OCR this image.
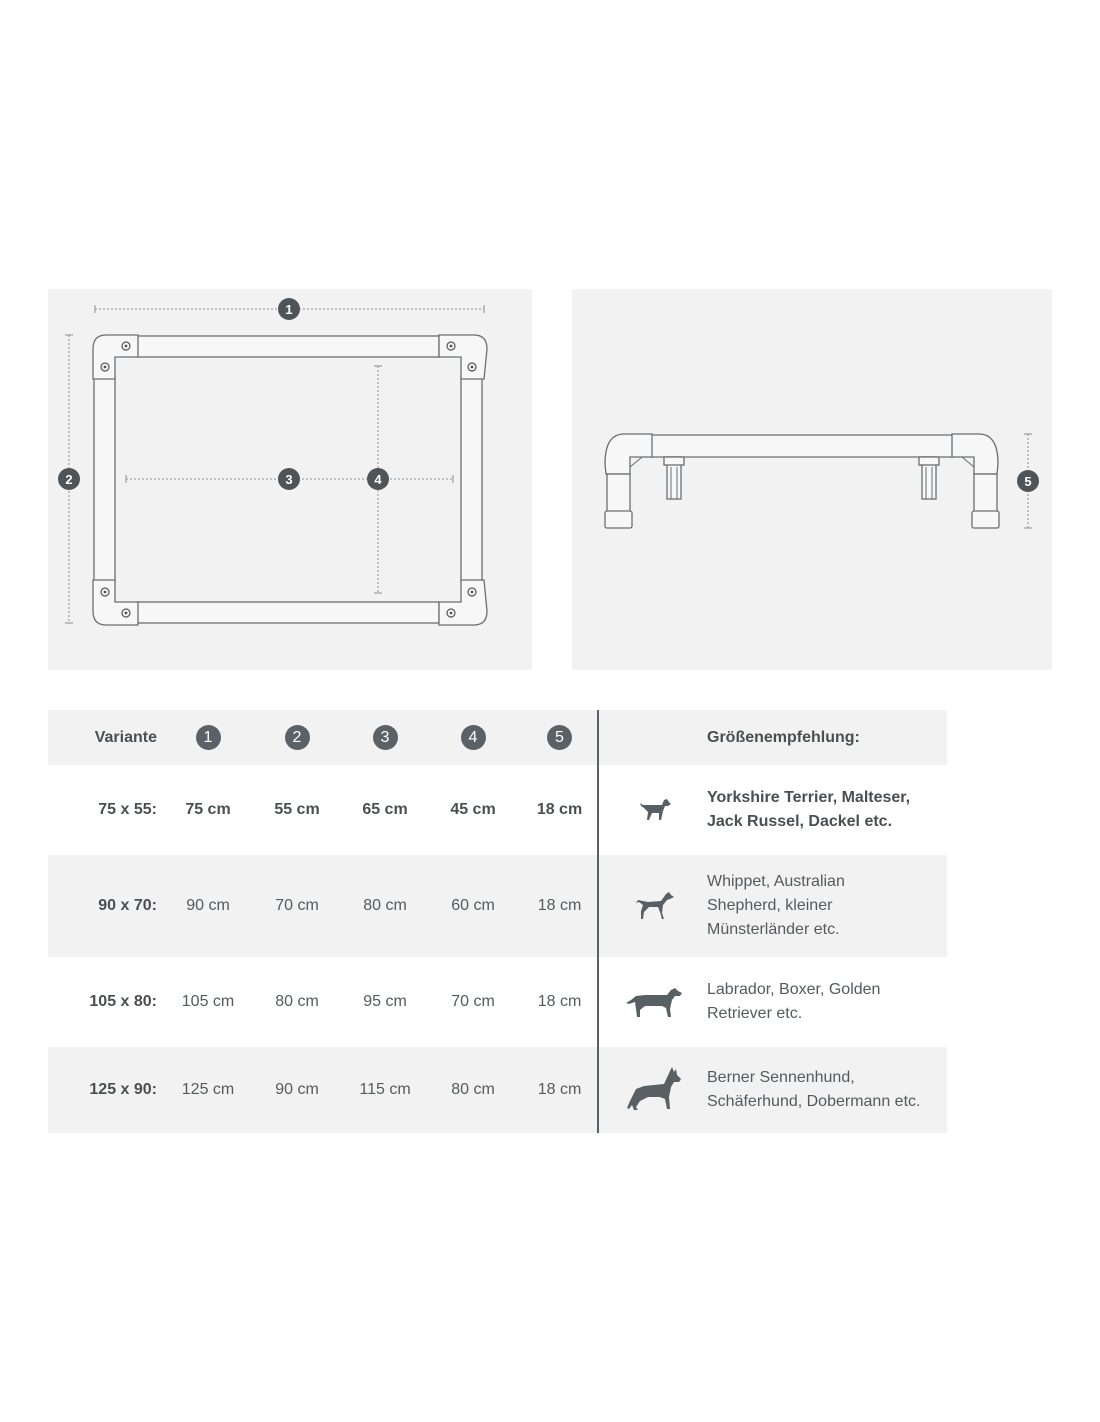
1
2	3	4	5
Variante	1	2	3	4	5			Größenempfehlung:
75 x 55:	75 cm	55 cm	65 cm	45 cm	18 cm			Yorkshire Terrier, Malteser,
Jack Russel, Dackel etc.

90 x 70:	90 cm	70 cm	80 cm	60 cm	18 cm			Whippet, Australian
Shepherd, kleiner
Münsterländer etc.

105 x 80:	105 cm	80 cm	95 cm	70 cm	18 cm			Labrador, Boxer, Golden
Retriever etc.

125 x 90:	125 cm	90 cm	115 cm	80 cm	18 cm			Berner Sennenhund,
Schäferhund, Dobermann etc.
